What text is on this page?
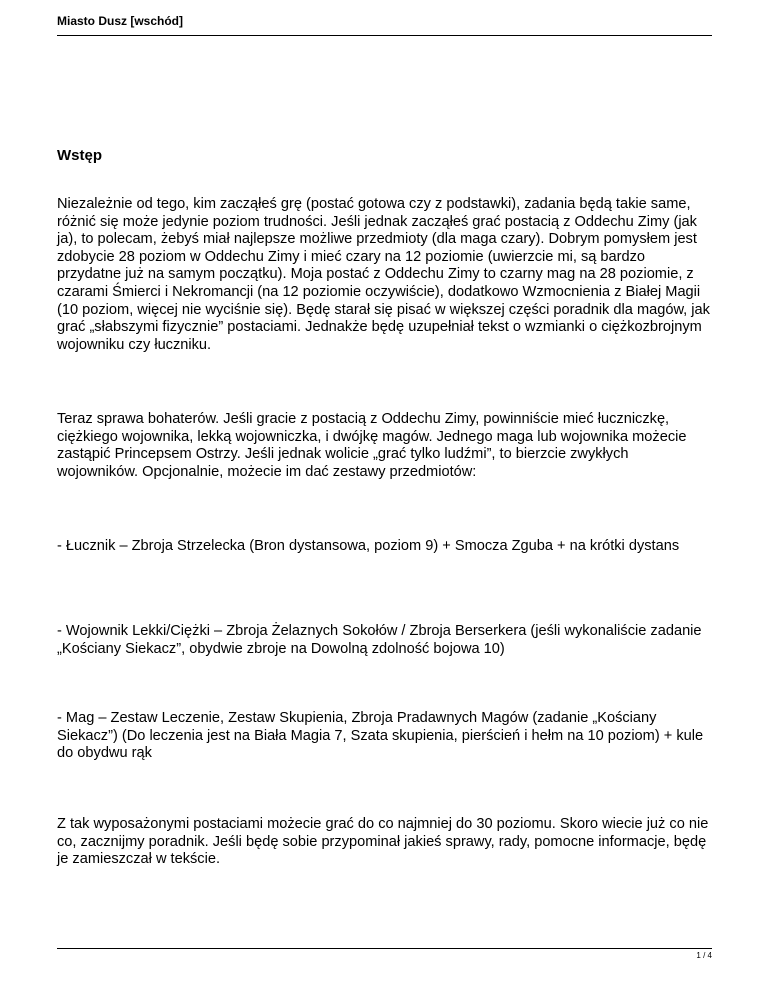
Miasto Dusz [wschód]
Wstęp

Niezależnie od tego, kim zacząłeś grę (postać gotowa czy z podstawki), zadania będą takie same, różnić się może jedynie poziom trudności. Jeśli jednak zacząłeś grać postacią z Oddechu Zimy (jak ja), to polecam, żebyś miał najlepsze możliwe przedmioty (dla maga czary). Dobrym pomysłem jest zdobycie 28 poziom w Oddechu Zimy i mieć czary na 12 poziomie (uwierzcie mi, są bardzo przydatne już na samym początku). Moja postać z Oddechu Zimy to czarny mag na 28 poziomie, z czarami Śmierci i Nekromancji (na 12 poziomie oczywiście), dodatkowo Wzmocnienia z Białej Magii (10 poziom, więcej nie wyciśnie się). Będę starał się pisać w większej części poradnik dla magów, jak grać „słabszymi fizycznie” postaciami. Jednakże będę uzupełniał tekst o wzmianki o ciężkozbrojnym wojowniku czy łuczniku.

Teraz sprawa bohaterów. Jeśli gracie z postacią z Oddechu Zimy, powinniście mieć łuczniczkę, ciężkiego wojownika, lekką wojowniczka, i dwójkę magów. Jednego maga lub wojownika możecie zastąpić Princepsem Ostrzy. Jeśli jednak wolicie „grać tylko ludźmi”, to bierzcie zwykłych wojowników. Opcjonalnie, możecie im dać zestawy przedmiotów:

- Łucznik – Zbroja Strzelecka (Bron dystansowa, poziom 9) + Smocza Zguba + na krótki dystans

- Wojownik Lekki/Ciężki – Zbroja Żelaznych Sokołów / Zbroja Berserkera (jeśli wykonaliście zadanie „Kościany Siekacz”, obydwie zbroje na Dowolną zdolność bojowa 10)

- Mag – Zestaw Leczenie, Zestaw Skupienia, Zbroja Pradawnych Magów (zadanie „Kościany Siekacz”) (Do leczenia jest na Biała Magia 7, Szata skupienia, pierścień i hełm na 10 poziom) + kule do obydwu rąk

Z tak wyposażonymi postaciami możecie grać do co najmniej do 30 poziomu. Skoro wiecie już co nie co, zacznijmy poradnik. Jeśli będę sobie przypominał jakieś sprawy, rady, pomocne informacje, będę je zamieszczał w tekście.

1 / 4
